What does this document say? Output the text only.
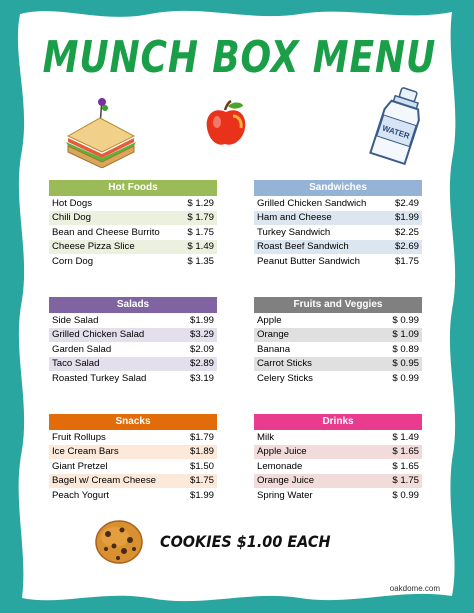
MUNCH BOX MENU
WATER
Hot Foods
Hot Dogs	$ 1.29
Chili Dog	$ 1.79
Bean and Cheese Burrito	$ 1.75
Cheese Pizza Slice	$ 1.49
Corn Dog	$ 1.35
Sandwiches
Grilled Chicken Sandwich	$2.49
Ham and Cheese	$1.99
Turkey Sandwich	$2.25
Roast Beef Sandwich	$2.69
Peanut Butter Sandwich	$1.75
Salads
Side Salad	$1.99
Grilled Chicken Salad	$3.29
Garden Salad	$2.09
Taco Salad	$2.89
Roasted Turkey Salad	$3.19
Fruits and Veggies
Apple	$ 0.99
Orange	$ 1.09
Banana	$ 0.89
Carrot Sticks	$ 0.95
Celery Sticks	$ 0.99
Snacks
Fruit Rollups	$1.79
Ice Cream Bars	$1.89
Giant Pretzel	$1.50
Bagel w/ Cream Cheese	$1.75
Peach Yogurt	$1.99
Drinks
Milk	$ 1.49
Apple Juice	$ 1.65
Lemonade	$ 1.65
Orange Juice	$ 1.75
Spring Water	$ 0.99
COOKIES $1.00 EACH
oakdome.com
